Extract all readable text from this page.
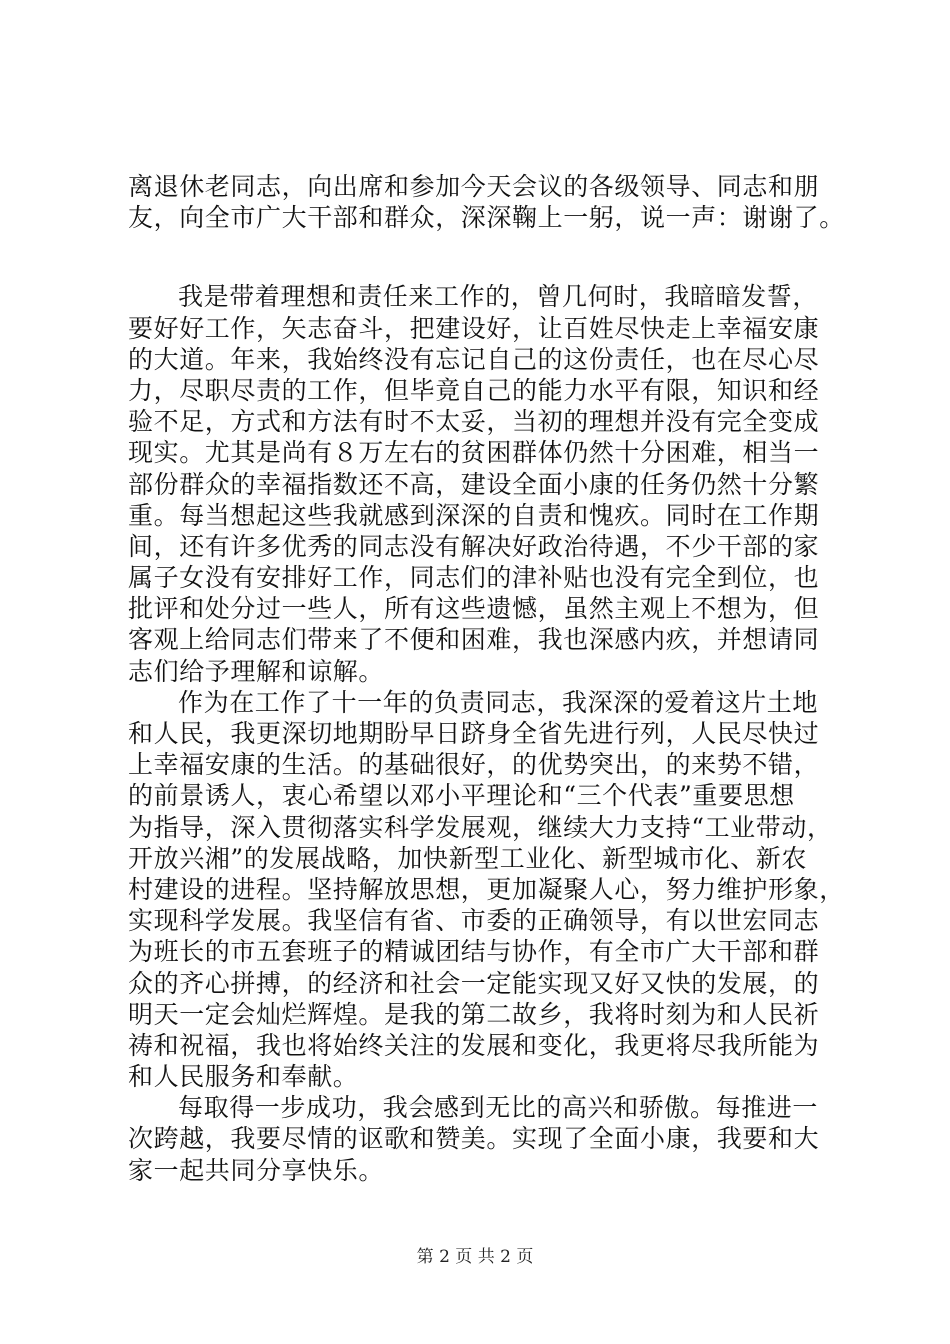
离退休老同志，向出席和参加今天会议的各级领导、同志和朋
友，向全市广大干部和群众，深深鞠上一躬，说一声：谢谢了。
我是带着理想和责任来工作的，曾几何时，我暗暗发誓，
要好好工作，矢志奋斗，把建设好，让百姓尽快走上幸福安康
的大道。年来，我始终没有忘记自己的这份责任，也在尽心尽
力，尽职尽责的工作，但毕竟自己的能力水平有限，知识和经
验不足，方式和方法有时不太妥，当初的理想并没有完全变成
现实。尤其是尚有８万左右的贫困群体仍然十分困难，相当一
部份群众的幸福指数还不高，建设全面小康的任务仍然十分繁
重。每当想起这些我就感到深深的自责和愧疚。同时在工作期
间，还有许多优秀的同志没有解决好政治待遇，不少干部的家
属子女没有安排好工作，同志们的津补贴也没有完全到位，也
批评和处分过一些人，所有这些遗憾，虽然主观上不想为，但
客观上给同志们带来了不便和困难，我也深感内疚，并想请同
志们给予理解和谅解。
作为在工作了十一年的负责同志，我深深的爱着这片土地
和人民，我更深切地期盼早日跻身全省先进行列，人民尽快过
上幸福安康的生活。的基础很好，的优势突出，的来势不错，
的前景诱人，衷心希望以邓小平理论和“三个代表”重要思想
为指导，深入贯彻落实科学发展观，继续大力支持“工业带动，
开放兴湘”的发展战略，加快新型工业化、新型城市化、新农
村建设的进程。坚持解放思想，更加凝聚人心，努力维护形象，
实现科学发展。我坚信有省、市委的正确领导，有以世宏同志
为班长的市五套班子的精诚团结与协作，有全市广大干部和群
众的齐心拼搏，的经济和社会一定能实现又好又快的发展，的
明天一定会灿烂辉煌。是我的第二故乡，我将时刻为和人民祈
祷和祝福，我也将始终关注的发展和变化，我更将尽我所能为
和人民服务和奉献。
每取得一步成功，我会感到无比的高兴和骄傲。每推进一
次跨越，我要尽情的讴歌和赞美。实现了全面小康，我要和大
家一起共同分享快乐。
第 2 页 共 2 页
